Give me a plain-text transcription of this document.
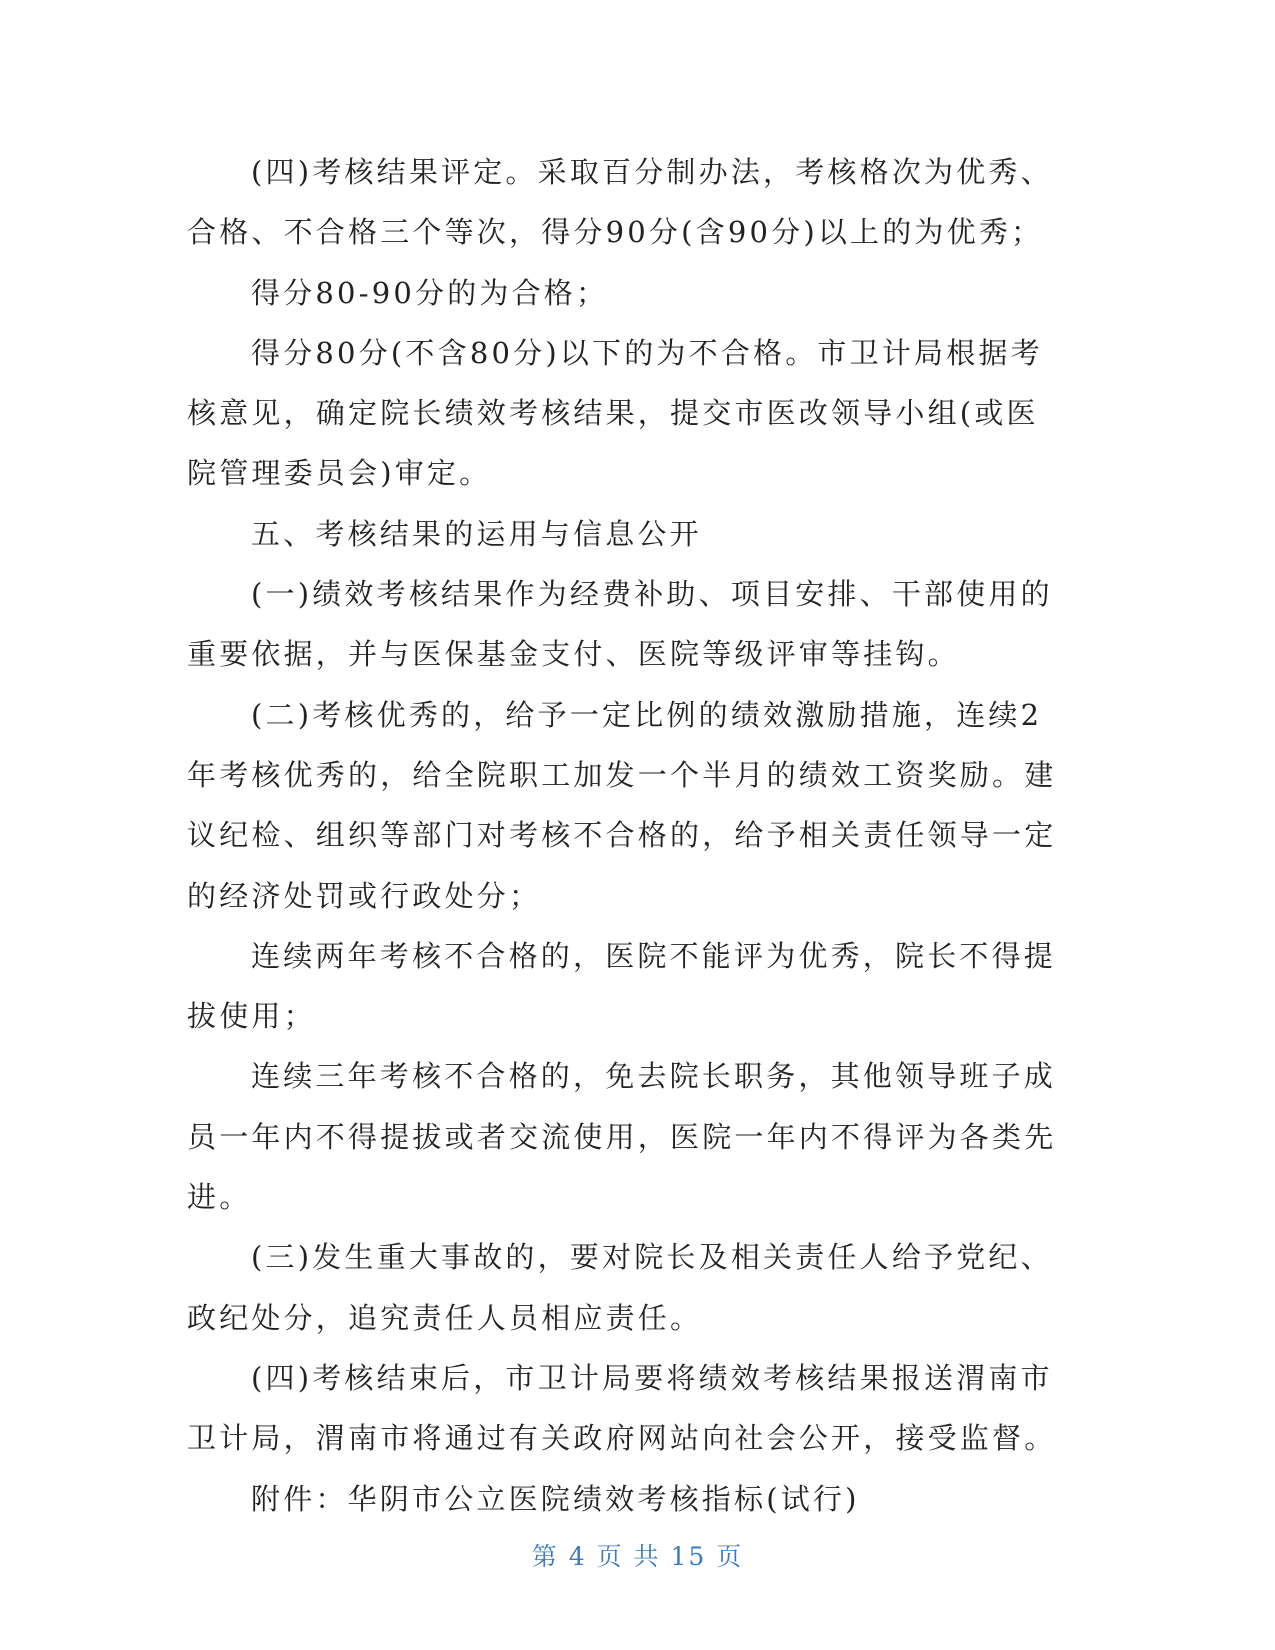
(四)考核结果评定。采取百分制办法，考核格次为优秀、合格、不合格三个等次，得分90分(含90分)以上的为优秀；

得分80-90分的为合格；

得分80分(不含80分)以下的为不合格。市卫计局根据考核意见，确定院长绩效考核结果，提交市医改领导小组(或医院管理委员会)审定。

五、考核结果的运用与信息公开

(一)绩效考核结果作为经费补助、项目安排、干部使用的重要依据，并与医保基金支付、医院等级评审等挂钩。

(二)考核优秀的，给予一定比例的绩效激励措施，连续2年考核优秀的，给全院职工加发一个半月的绩效工资奖励。建议纪检、组织等部门对考核不合格的，给予相关责任领导一定的经济处罚或行政处分；

连续两年考核不合格的，医院不能评为优秀，院长不得提拔使用；

连续三年考核不合格的，免去院长职务，其他领导班子成员一年内不得提拔或者交流使用，医院一年内不得评为各类先进。

(三)发生重大事故的，要对院长及相关责任人给予党纪、政纪处分，追究责任人员相应责任。

(四)考核结束后，市卫计局要将绩效考核结果报送渭南市卫计局，渭南市将通过有关政府网站向社会公开，接受监督。

附件：华阴市公立医院绩效考核指标(试行)

第 4 页 共 15 页
